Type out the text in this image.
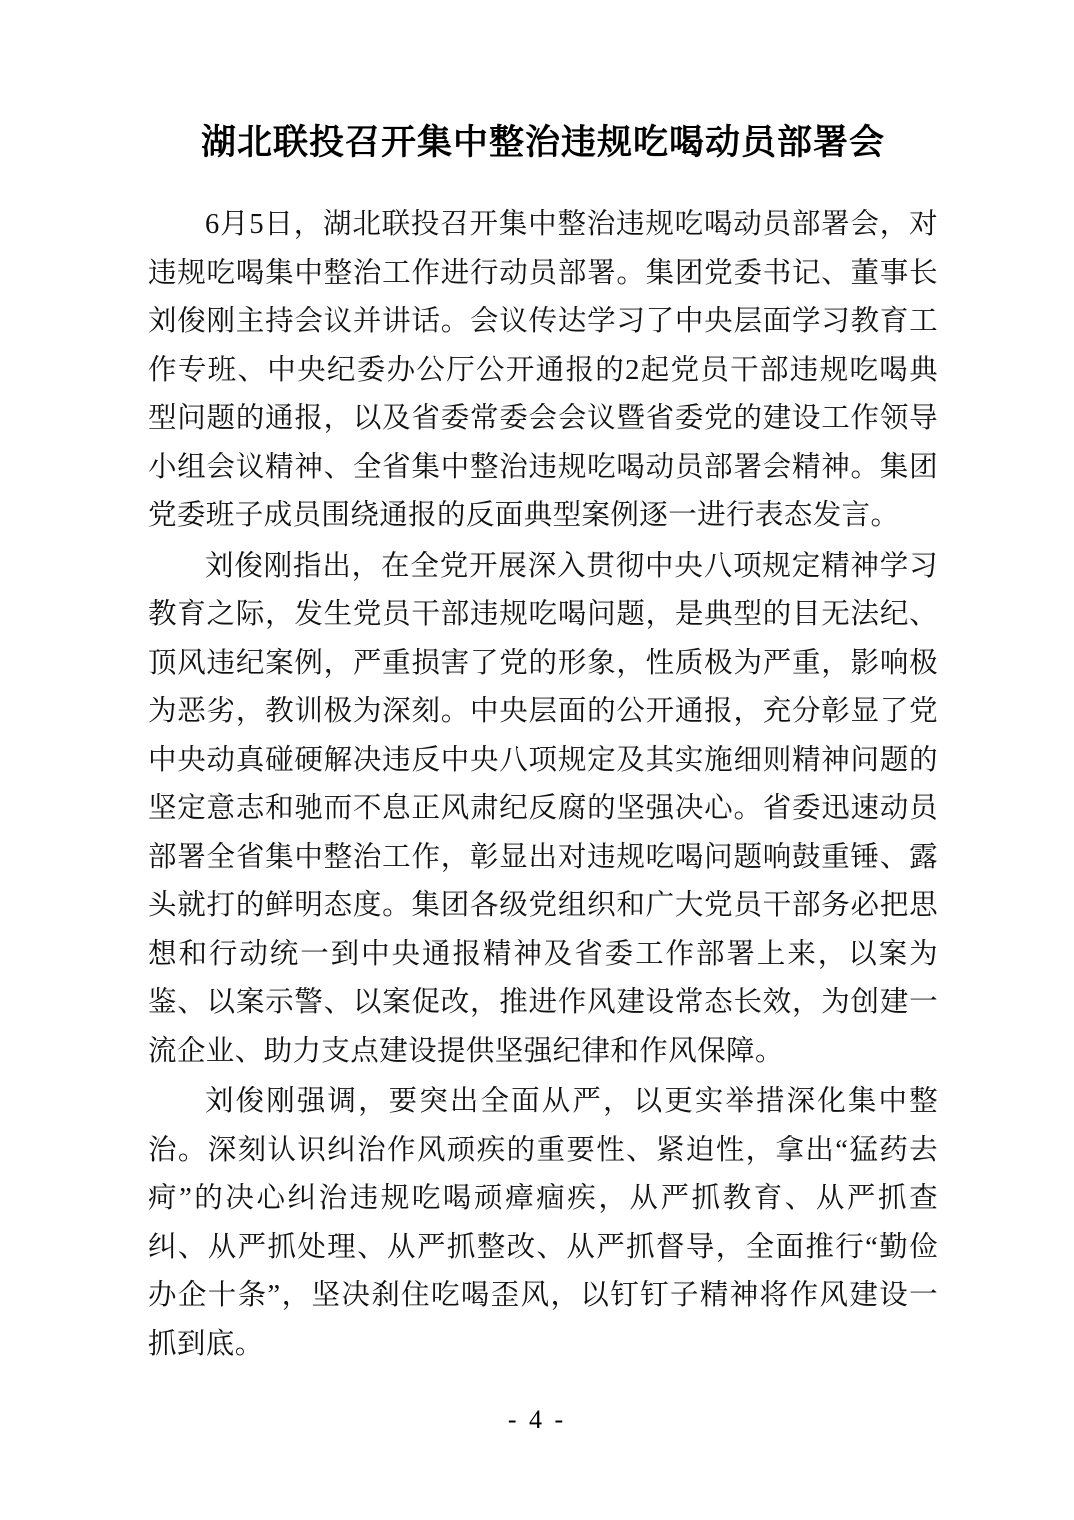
湖北联投召开集中整治违规吃喝动员部署会

6月5日，湖北联投召开集中整治违规吃喝动员部署会，对违规吃喝集中整治工作进行动员部署。集团党委书记、董事长刘俊刚主持会议并讲话。会议传达学习了中央层面学习教育工作专班、中央纪委办公厅公开通报的2起党员干部违规吃喝典型问题的通报，以及省委常委会会议暨省委党的建设工作领导小组会议精神、全省集中整治违规吃喝动员部署会精神。集团党委班子成员围绕通报的反面典型案例逐一进行表态发言。

刘俊刚指出，在全党开展深入贯彻中央八项规定精神学习教育之际，发生党员干部违规吃喝问题，是典型的目无法纪、顶风违纪案例，严重损害了党的形象，性质极为严重，影响极为恶劣，教训极为深刻。中央层面的公开通报，充分彰显了党中央动真碰硬解决违反中央八项规定及其实施细则精神问题的坚定意志和驰而不息正风肃纪反腐的坚强决心。省委迅速动员部署全省集中整治工作，彰显出对违规吃喝问题响鼓重锤、露头就打的鲜明态度。集团各级党组织和广大党员干部务必把思想和行动统一到中央通报精神及省委工作部署上来，以案为鉴、以案示警、以案促改，推进作风建设常态长效，为创建一流企业、助力支点建设提供坚强纪律和作风保障。

刘俊刚强调，要突出全面从严，以更实举措深化集中整治。深刻认识纠治作风顽疾的重要性、紧迫性，拿出“猛药去疴”的决心纠治违规吃喝顽瘴痼疾，从严抓教育、从严抓查纠、从严抓处理、从严抓整改、从严抓督导，全面推行“勤俭办企十条”，坚决刹住吃喝歪风，以钉钉子精神将作风建设一抓到底。

- 4 -
